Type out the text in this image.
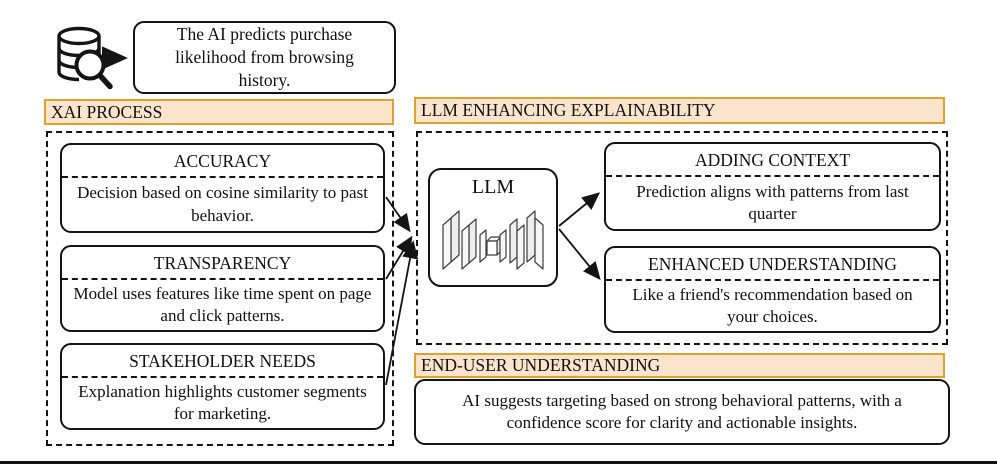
The AI predicts purchase likelihood from browsing history.
XAI PROCESS
ACCURACY
Decision based on cosine similarity to past behavior.
TRANSPARENCY
Model uses features like time spent on page and click patterns.
STAKEHOLDER NEEDS
Explanation highlights customer segments for marketing.
LLM ENHANCING EXPLAINABILITY
LLM
ADDING CONTEXT
Prediction aligns with patterns from last quarter
ENHANCED UNDERSTANDING
Like a friend's recommendation based on your choices.
END-USER UNDERSTANDING
AI suggests targeting based on strong behavioral patterns, with a confidence score for clarity and actionable insights.
